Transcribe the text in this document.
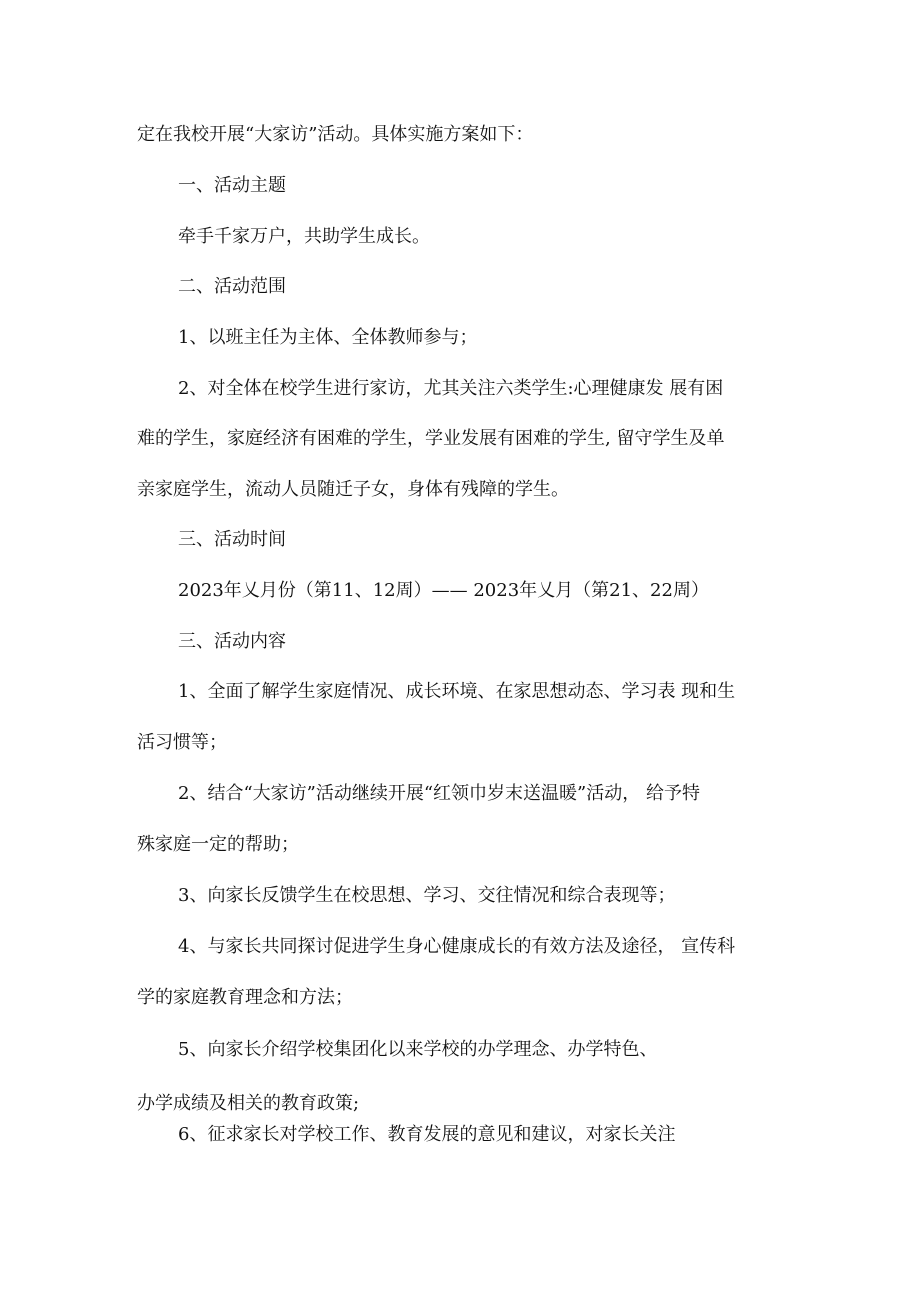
定在我校开展“大家访”活动。具体实施方案如下：
一、活动主题
牵手千家万户，共助学生成长。
二、活动范围
1、以班主任为主体、全体教师参与；
2、对全体在校学生进行家访，尤其关注六类学生:心理健康发 展有困
难的学生，家庭经济有困难的学生，学业发展有困难的学生, 留守学生及单
亲家庭学生，流动人员随迁子女，身体有残障的学生。
三、活动时间
2023年乂月份（第11、12周）—— 2023年乂月（第21、22周）
三、活动内容
1、全面了解学生家庭情况、成长环境、在家思想动态、学习表 现和生
活习惯等；
2、结合“大家访”活动继续开展“红领巾岁末送温暖”活动， 给予特
殊家庭一定的帮助；
3、向家长反馈学生在校思想、学习、交往情况和综合表现等；
4、与家长共同探讨促进学生身心健康成长的有效方法及途径， 宣传科
学的家庭教育理念和方法；
5、向家长介绍学校集团化以来学校的办学理念、办学特色、
办学成绩及相关的教育政策;
6、征求家长对学校工作、教育发展的意见和建议，对家长关注
